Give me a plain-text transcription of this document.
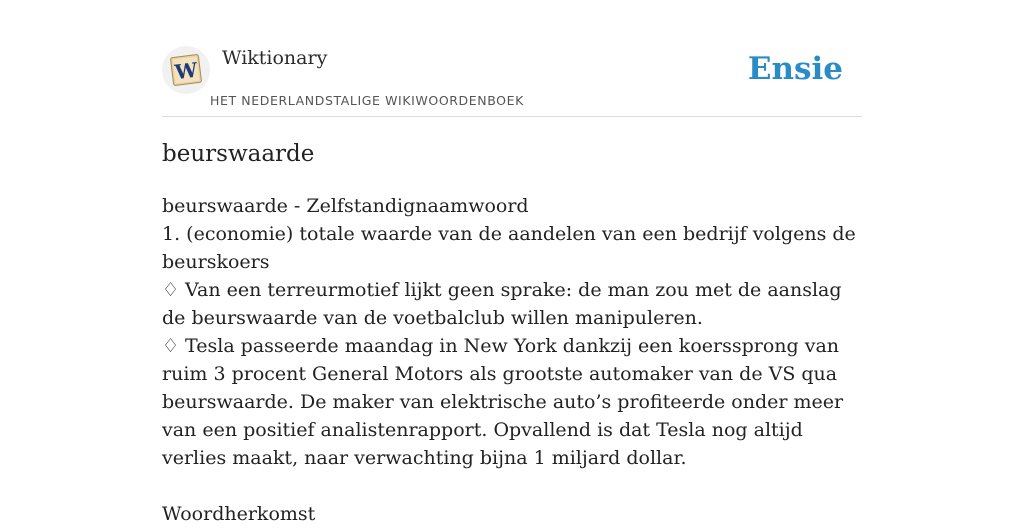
W Wiktionary
HET NEDERLANDSTALIGE WIKIWOORDENBOEK
Ensie
beurswaarde

beurswaarde - Zelfstandignaamwoord

1. (economie) totale waarde van de aandelen van een bedrijf volgens de beurskoers

♢ Van een terreurmotief lijkt geen sprake: de man zou met de aanslag de beurswaarde van de voetbalclub willen manipuleren.

♢ Tesla passeerde maandag in New York dankzij een koerssprong van ruim 3 procent General Motors als grootste automaker van de VS qua beurswaarde. De maker van elektrische auto’s profiteerde onder meer van een positief analistenrapport. Opvallend is dat Tesla nog altijd verlies maakt, naar verwachting bijna 1 miljard dollar.

Woordherkomst
